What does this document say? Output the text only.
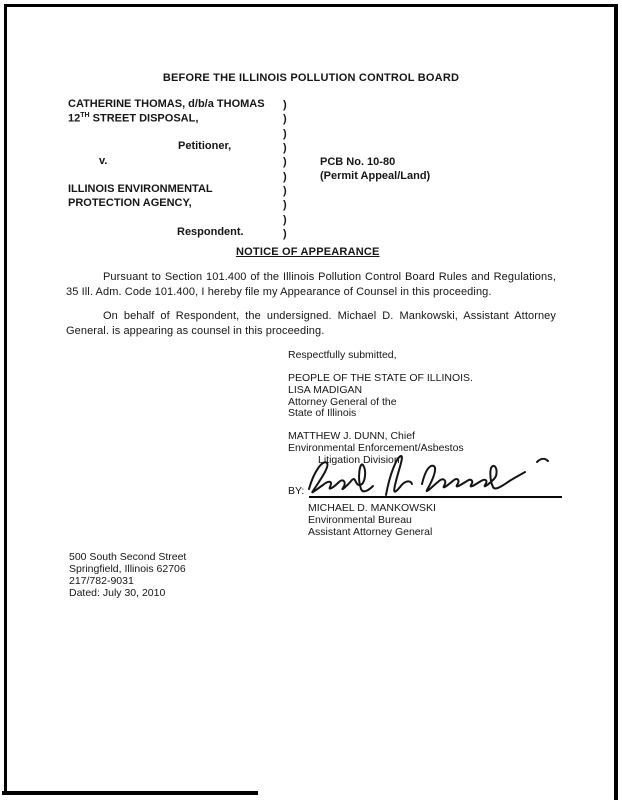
BEFORE THE ILLINOIS POLLUTION CONTROL BOARD
CATHERINE THOMAS, d/b/a THOMAS
12TH STREET DISPOSAL,
Petitioner,
v.
ILLINOIS ENVIRONMENTAL
PROTECTION AGENCY,
Respondent.
)
)
)
)
)
)
)
)
)
)
PCB No. 10-80
(Permit Appeal/Land)
NOTICE OF APPEARANCE
Pursuant to Section 101.400 of the Illinois Pollution Control Board Rules and Regulations, 35 Ill. Adm. Code 101.400, I hereby file my Appearance of Counsel in this proceeding.
On behalf of Respondent, the undersigned. Michael D. Mankowski, Assistant Attorney General. is appearing as counsel in this proceeding.
Respectfully submitted,
PEOPLE OF THE STATE OF ILLINOIS.
LISA MADIGAN
Attorney General of the
State of Illinois
MATTHEW J. DUNN, Chief
Environmental Enforcement/Asbestos
Litigation Division
BY:
MICHAEL D. MANKOWSKI
Environmental Bureau
Assistant Attorney General
500 South Second Street
Springfield, Illinois 62706
217/782-9031
Dated: July 30, 2010
